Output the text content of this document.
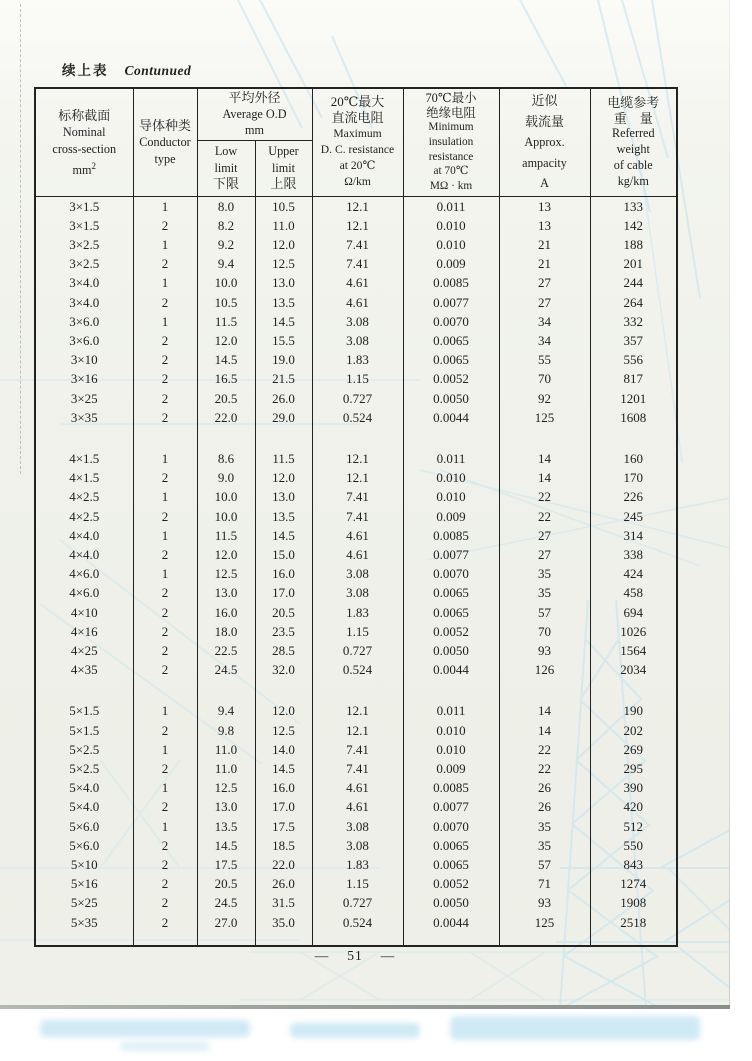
续上表 Contunued
标称截面
Nominal
cross-section
$mm^2$

导体种类
Conductor
type

平均外径
Average O.D
mm

20℃最大
直流电阻
Maximum
D. C. resistance
at 20℃
Ω/km

70℃最小
绝缘电阻
Minimum
insulation
resistance
at 70℃
MΩ · km

近似
载流量
Approx.
ampacity
A

电缆参考
重　量
Referred
weight
of cable
kg/km

Low
limit
下限

Upper
limit
上限

3×1.5	1	8.0	10.5	12.1	0.011	13	133
3×1.5	2	8.2	11.0	12.1	0.010	13	142
3×2.5	1	9.2	12.0	7.41	0.010	21	188
3×2.5	2	9.4	12.5	7.41	0.009	21	201
3×4.0	1	10.0	13.0	4.61	0.0085	27	244
3×4.0	2	10.5	13.5	4.61	0.0077	27	264
3×6.0	1	11.5	14.5	3.08	0.0070	34	332
3×6.0	2	12.0	15.5	3.08	0.0065	34	357
3×10	2	14.5	19.0	1.83	0.0065	55	556
3×16	2	16.5	21.5	1.15	0.0052	70	817
3×25	2	20.5	26.0	0.727	0.0050	92	1201
3×35	2	22.0	29.0	0.524	0.0044	125	1608

4×1.5	1	8.6	11.5	12.1	0.011	14	160
4×1.5	2	9.0	12.0	12.1	0.010	14	170
4×2.5	1	10.0	13.0	7.41	0.010	22	226
4×2.5	2	10.0	13.5	7.41	0.009	22	245
4×4.0	1	11.5	14.5	4.61	0.0085	27	314
4×4.0	2	12.0	15.0	4.61	0.0077	27	338
4×6.0	1	12.5	16.0	3.08	0.0070	35	424
4×6.0	2	13.0	17.0	3.08	0.0065	35	458
4×10	2	16.0	20.5	1.83	0.0065	57	694
4×16	2	18.0	23.5	1.15	0.0052	70	1026
4×25	2	22.5	28.5	0.727	0.0050	93	1564
4×35	2	24.5	32.0	0.524	0.0044	126	2034

5×1.5	1	9.4	12.0	12.1	0.011	14	190
5×1.5	2	9.8	12.5	12.1	0.010	14	202
5×2.5	1	11.0	14.0	7.41	0.010	22	269
5×2.5	2	11.0	14.5	7.41	0.009	22	295
5×4.0	1	12.5	16.0	4.61	0.0085	26	390
5×4.0	2	13.0	17.0	4.61	0.0077	26	420
5×6.0	1	13.5	17.5	3.08	0.0070	35	512
5×6.0	2	14.5	18.5	3.08	0.0065	35	550
5×10	2	17.5	22.0	1.83	0.0065	57	843
5×16	2	20.5	26.0	1.15	0.0052	71	1274
5×25	2	24.5	31.5	0.727	0.0050	93	1908
5×35	2	27.0	35.0	0.524	0.0044	125	2518

— 51 —
